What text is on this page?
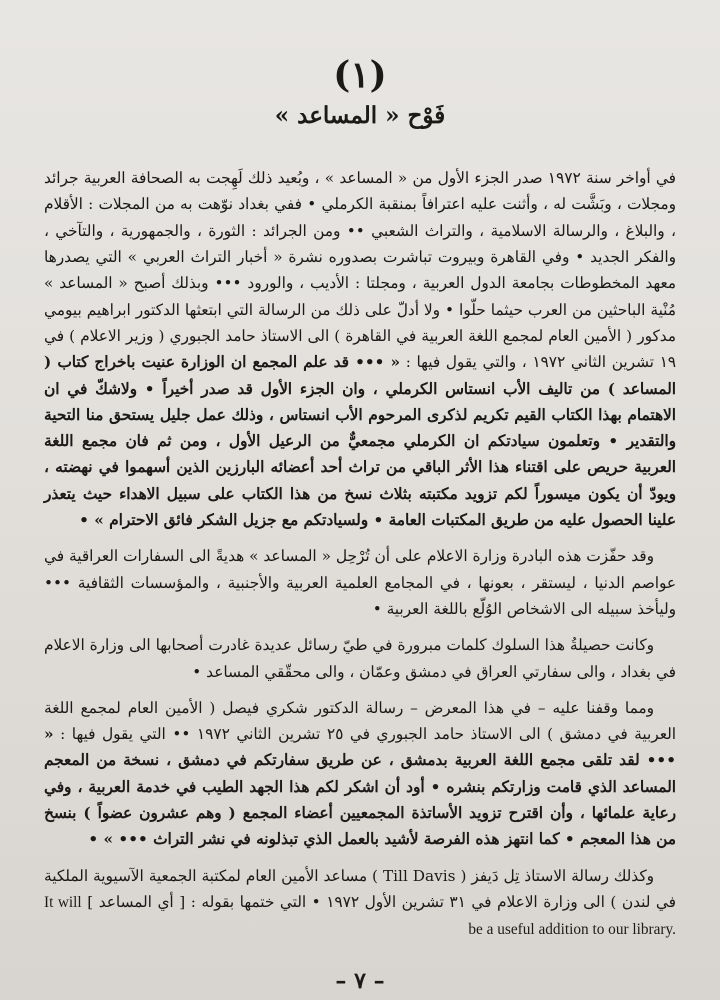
(١)
فَوْح « المساعد »

في أواخر سنة ١٩٧٢ صدر الجزء الأول من « المساعد » ، وبُعيد ذلك لَهِجت به الصحافة العربية جرائد ومجلات ، وبَشَّت له ، وأثنت عليه اعترافاً بمنقبة الكرملي • ففي بغداد نوّهت به من المجلات : الأقلام ، والبلاغ ، والرسالة الاسلامية ، والتراث الشعبي •• ومن الجرائد : الثورة ، والجمهورية ، والتآخي ، والفكر الجديد • وفي القاهرة وبيروت تباشرت بصدوره نشرة « أخبار التراث العربي » التي يصدرها معهد المخطوطات بجامعة الدول العربية ، ومجلتا : الأديب ، والورود ••• وبذلك أصبح « المساعد » مُنْية الباحثين من العرب حيثما حلّوا • ولا أدلّ على ذلك من الرسالة التي ابتعثها الدكتور ابراهيم بيومي مدكور ( الأمين العام لمجمع اللغة العربية في القاهرة ) الى الاستاذ حامد الجبوري ( وزير الاعلام ) في ١٩ تشرين الثاني ١٩٧٢ ، والتي يقول فيها : « ••• قد علم المجمع ان الوزارة عنيت باخراج كتاب ( المساعد ) من تاليف الأب انستاس الكرملي ، وان الجزء الأول قد صدر أخيراً • ولاشكّ في ان الاهتمام بهذا الكتاب القيم تكريم لذكرى المرحوم الأب انستاس ، وذلك عمل جليل يستحق منا التحية والتقدير • وتعلمون سيادتكم ان الكرملي مجمعيٌّ من الرعيل الأول ، ومن ثم فان مجمع اللغة العربية حريص على اقتناء هذا الأثر الباقي من تراث أحد أعضائه البارزين الذين أسهموا في نهضته ، ويودّ أن يكون ميسوراً لكم تزويد مكتبته بثلاث نسخ من هذا الكتاب على سبيل الاهداء حيث يتعذر علينا الحصول عليه من طريق المكتبات العامة • ولسيادتكم مع جزيل الشكر فائق الاحترام » •

وقد حفّزت هذه البادرة وزارة الاعلام على أن تُرْحِل « المساعد » هديةً الى السفارات العراقية في عواصم الدنيا ، ليستقر ، بعونها ، في المجامع العلمية العربية والأجنبية ، والمؤسسات الثقافية ••• وليأخذ سبيله الى الاشخاص الوُلّع باللغة العربية •

وكانت حصيلةُ هذا السلوك كلمات مبرورة في طيّ رسائل عديدة غادرت أصحابها الى وزارة الاعلام في بغداد ، والى سفارتي العراق في دمشق وعمّان ، والى محقّقي المساعد •

ومما وقفنا عليه – في هذا المعرض – رسالة الدكتور شكري فيصل ( الأمين العام لمجمع اللغة العربية في دمشق ) الى الاستاذ حامد الجبوري في ٢٥ تشرين الثاني ١٩٧٢ •• التي يقول فيها : « ••• لقد تلقى مجمع اللغة العربية بدمشق ، عن طريق سفارتكم في دمشق ، نسخة من المعجم المساعد الذي قامت وزارتكم بنشره • أود أن اشكر لكم هذا الجهد الطيب في خدمة العربية ، وفي رعاية علمائها ، وأن اقترح تزويد الأساتذة المجمعيين أعضاء المجمع ( وهم عشرون عضواً ) بنسخ من هذا المعجم • كما انتهز هذه الفرصة لأشيد بالعمل الذي تبذلونه في نشر التراث ••• » •

وكذلك رسالة الاستاذ تِل دَيفز ( Till Davis ) مساعد الأمين العام لمكتبة الجمعية الآسيوية الملكية في لندن ) الى وزارة الاعلام في ٣١ تشرين الأول ١٩٧٢ • التي ختمها بقوله : [ أي المساعد ] It will be a useful addition to our library.

– ٧ –
